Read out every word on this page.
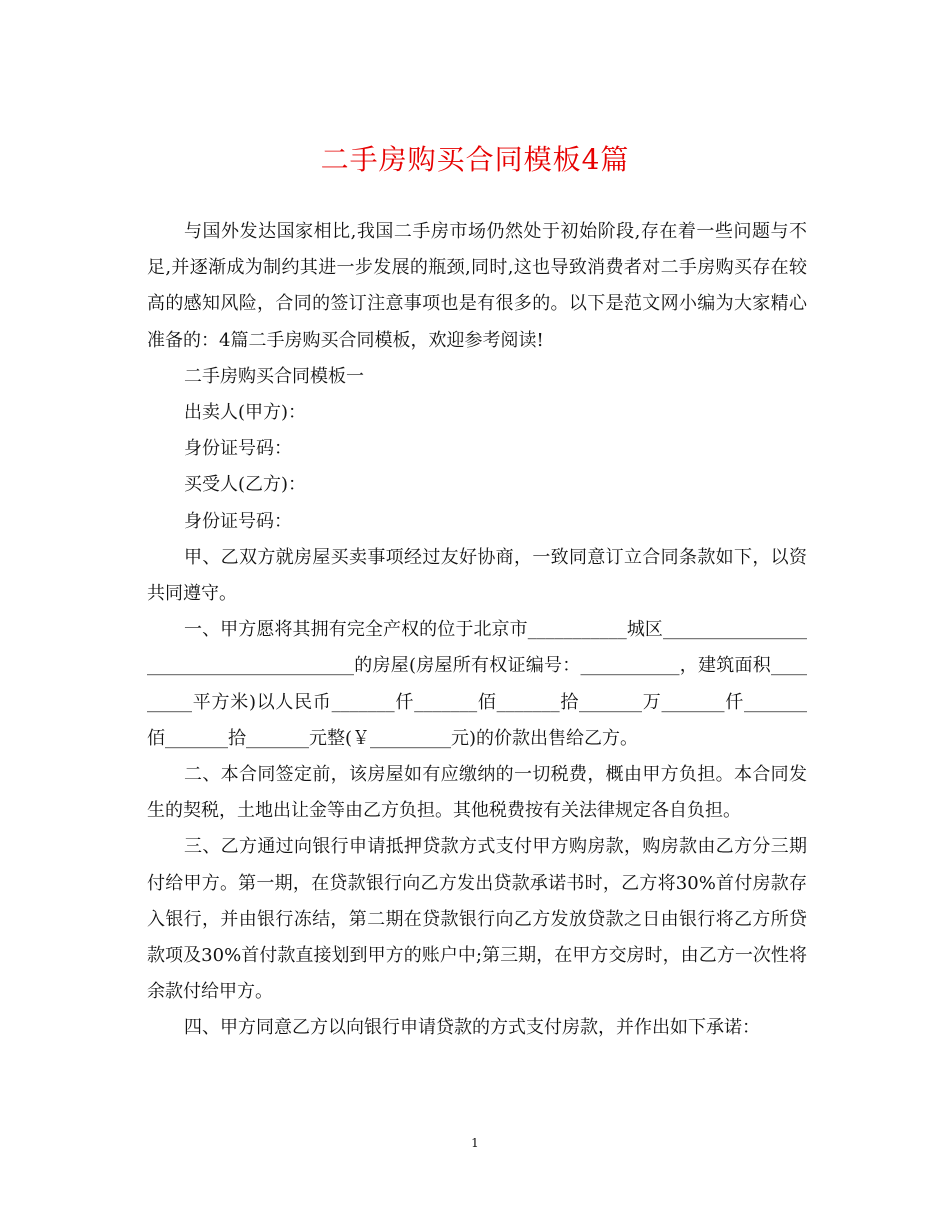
二手房购买合同模板4篇

与国外发达国家相比,我国二手房市场仍然处于初始阶段,存在着一些问题与不足,并逐渐成为制约其进一步发展的瓶颈,同时,这也导致消费者对二手房购买存在较高的感知风险，合同的签订注意事项也是有很多的。以下是范文网小编为大家精心准备的：4篇二手房购买合同模板，欢迎参考阅读!

二手房购买合同模板一

出卖人(甲方)：

身份证号码：

买受人(乙方)：

身份证号码：

甲、乙双方就房屋买卖事项经过友好协商，一致同意订立合同条款如下，以资共同遵守。

一、甲方愿将其拥有完全产权的位于北京市___________城区_______________________________________的房屋(房屋所有权证编号：___________，建筑面积_________平方米)以人民币_______仟_______佰_______拾_______万_______仟_______佰_______拾_______元整(￥_________元)的价款出售给乙方。

二、本合同签定前，该房屋如有应缴纳的一切税费，概由甲方负担。本合同发生的契税，土地出让金等由乙方负担。其他税费按有关法律规定各自负担。

三、乙方通过向银行申请抵押贷款方式支付甲方购房款，购房款由乙方分三期付给甲方。第一期，在贷款银行向乙方发出贷款承诺书时，乙方将30%首付房款存入银行，并由银行冻结，第二期在贷款银行向乙方发放贷款之日由银行将乙方所贷款项及30%首付款直接划到甲方的账户中;第三期，在甲方交房时，由乙方一次性将余款付给甲方。

四、甲方同意乙方以向银行申请贷款的方式支付房款，并作出如下承诺：

1
